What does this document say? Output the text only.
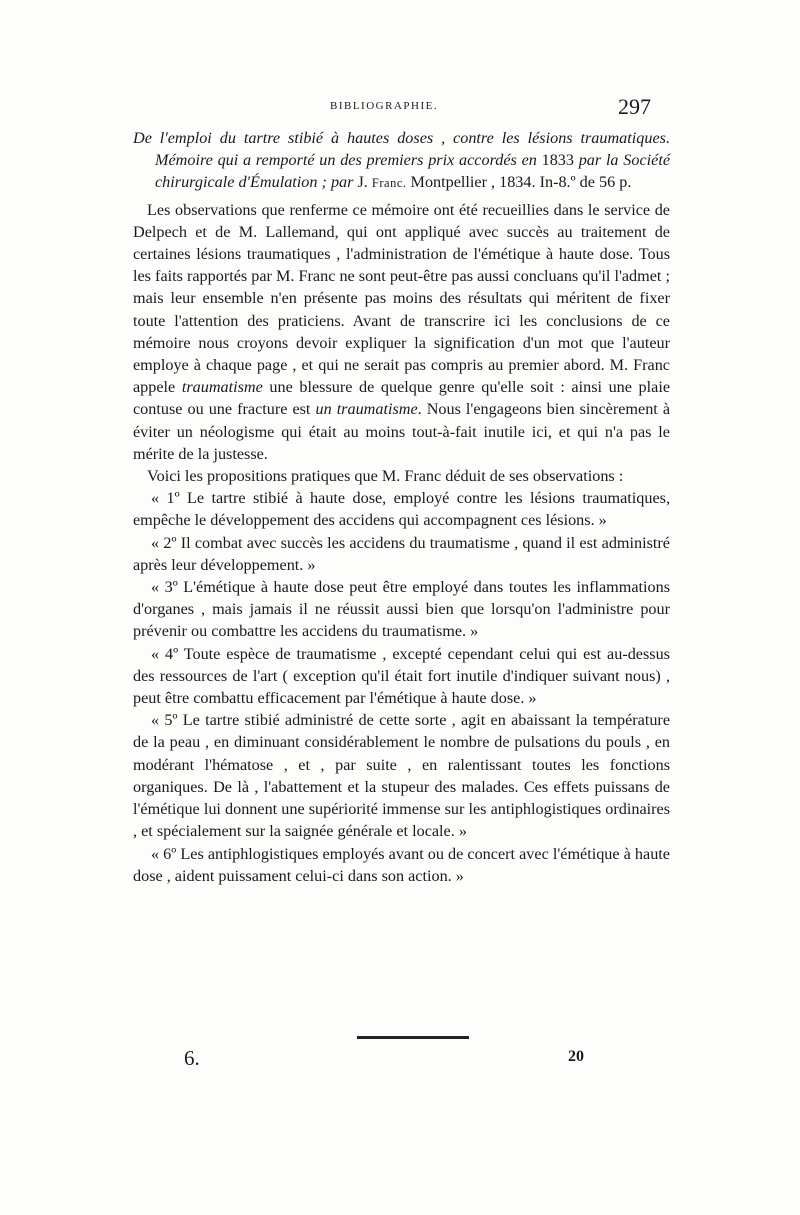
BIBLIOGRAPHIE.	297

De l'emploi du tartre stibié à hautes doses , contre les lésions traumatiques. Mémoire qui a remporté un des premiers prix accordés en 1833 par la Société chirurgicale d'Émulation ; par J. Franc. Montpellier , 1834. In-8.º de 56 p.

Les observations que renferme ce mémoire ont été recueillies dans le service de Delpech et de M. Lallemand, qui ont appliqué avec succès au traitement de certaines lésions traumatiques , l'administration de l'émétique à haute dose. Tous les faits rapportés par M. Franc ne sont peut-être pas aussi concluans qu'il l'admet ; mais leur ensemble n'en présente pas moins des résultats qui méritent de fixer toute l'attention des praticiens. Avant de transcrire ici les conclusions de ce mémoire nous croyons devoir expliquer la signification d'un mot que l'auteur employe à chaque page , et qui ne serait pas compris au premier abord. M. Franc appele traumatisme une blessure de quelque genre qu'elle soit : ainsi une plaie contuse ou une fracture est un traumatisme. Nous l'engageons bien sincèrement à éviter un néologisme qui était au moins tout-à-fait inutile ici, et qui n'a pas le mérite de la justesse.

Voici les propositions pratiques que M. Franc déduit de ses observations :

« 1º Le tartre stibié à haute dose, employé contre les lésions traumatiques, empêche le développement des accidens qui accompagnent ces lésions. »

« 2º Il combat avec succès les accidens du traumatisme , quand il est administré après leur développement. »

« 3º L'émétique à haute dose peut être employé dans toutes les inflammations d'organes , mais jamais il ne réussit aussi bien que lorsqu'on l'administre pour prévenir ou combattre les accidens du traumatisme. »

« 4º Toute espèce de traumatisme , excepté cependant celui qui est au-dessus des ressources de l'art ( exception qu'il était fort inutile d'indiquer suivant nous) , peut être combattu efficacement par l'émétique à haute dose. »

« 5º Le tartre stibié administré de cette sorte , agit en abaissant la température de la peau , en diminuant considérablement le nombre de pulsations du pouls , en modérant l'hématose , et , par suite , en ralentissant toutes les fonctions organiques. De là , l'abattement et la stupeur des malades. Ces effets puissans de l'émétique lui donnent une supériorité immense sur les antiphlogistiques ordinaires , et spécialement sur la saignée générale et locale. »

« 6º Les antiphlogistiques employés avant ou de concert avec l'émétique à haute dose , aident puissament celui-ci dans son action. »

6.	20
